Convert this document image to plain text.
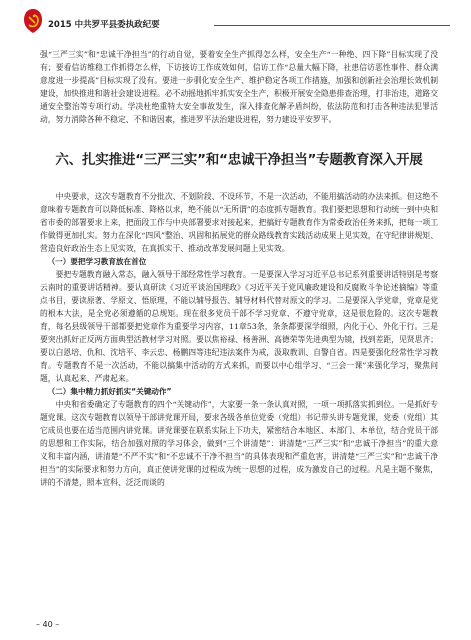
2015 中共罗平县委执政纪要

强“三严三实”和“忠诚干净担当”的行动自觉，要着安全生产抓得怎么样，安全生产“一种绝、四下降”目标实现了没有；要看信访维稳工作抓得怎么样，下访接访工作成效如何，信访工作“总量大幅下降，社患信访恶性事件、群众满意度进一步提高”目标实现了没有。要进一步驯化安全生产、维护稳定各项工作措施，加强和创新社会治理长效机制建设，加快推进和谐社会建设进程。必不动摇地抓牢抓实安全生产，积极开展安全隐患排查治理，打非治违，道路交通安全整治等专项行动。学决杜绝重特大安全事故发生，深入排查化解矛盾纠纷，依法防范和打击各种违法犯罪活动，努力消除各种不稳定、不和谐因素，推进罗平法治建设进程，努力建设平安罗平。

六、扎实推进“三严三实”和“忠诚干净担当”专题教育深入开展

中央要求，这次专题教育不分批次、不划阶段、不设环节，不是一次活动，不能用搞活动的办法来抓。但这绝不意味着专题教育可以降低标准、降格以求，绝不能以“无所谓”的态度抓专题教育。我们要把思想和行动统一到中央和省市委的部署要求上来，把面段工作与中央部署要求对接起来，把搞好专题教育作为常委政治任务来抓，把每一项工作做得更加扎实。努力在深化“四风”整治、巩固和拓展党的群众路线教育实践活动成果上见实效，在守纪律讲规矩、营造良好政治生态上见实效，在真抓实干、推动改革发展问题上见实效。

（一）要把学习教育放在首位

要把专题教育融入常态，融入领导干部经常性学习教育。一是要深入学习习近平总书记系列重要讲话特别是考察云南时的重要讲话精神。要认真研读《习近平谈治国理政》《习近平关于党风廉政建设和反腐败斗争论述摘编》等重点书目，要读原著、学原文、悟原理，不能以辅导报告、辅导材料代替对原文的学习。二是要深入学党章，党章是党的根本大法，是全党必须遵循的总规矩。现在很多党员干部不学习党章、不遵守党章，这是很危险的。这次专题教育，每名县级领导干部都要把党章作为重要学习内容，11章53条，条条都要深学细照，内化于心、外化于行。三是要突出抓好正反两方面典型活教材学习对照。要以焦裕禄、杨善洲、高德荣等先进典型为镜，找到差距，见贤思齐；要以白恩培、仇和、沈培平、李云忠、杨鹏四等违纪违法案件为戒，汲取教训、自警自省。四是要强化经常性学习教育。专题教育不是一次活动，不能以搞集中活动的方式来抓，而要以中心组学习、“三会一课”来强化学习，聚焦问题，认真起来、严肃起来。

（二）集中精力抓好抓实“关键动作”

中央和省委确定了专题教育的四个“关键动作”，大家要一条一条认真对照，一项一项抓落实抓到位。一是抓好专题党课。这次专题教育以领导干部讲党课开局，要求各级各单位党委（党组）书记带头讲专题党课，党委（党组）其它成员也要在适当范围内讲党课。讲党课要在联系实际上下功夫，紧密结合本地区、本部门、本单位，结合党员干部的思想和工作实际，结合加强对照的学习体会，做到“三个讲清楚”：讲清楚“三严三实”和“忠诚干净担当”的重大意义和丰富内涵，讲清楚“不严不实”和“不忠诚不干净不担当”的具体表现和严重危害，讲清楚“三严三实”和“忠诚干净担当”的实际要求和努力方向，真正使讲党课的过程成为统一思想的过程，成为激发自己的过程。凡是主题不聚焦，讲的不清楚，照本宣科、泛泛而谈的

– 40 –
